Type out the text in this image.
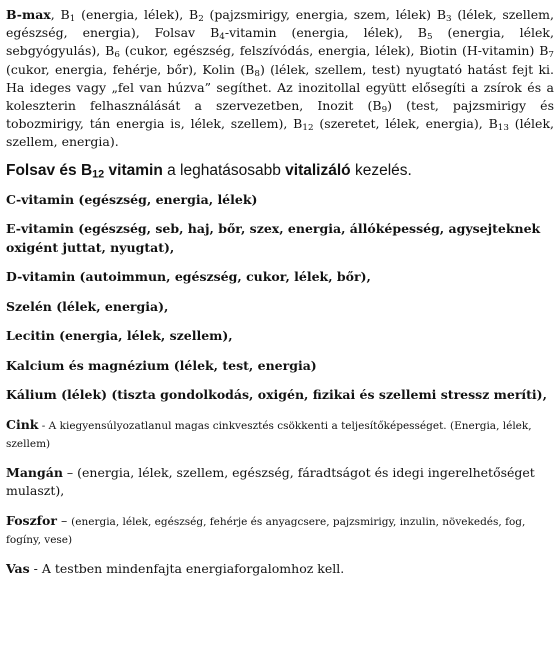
B-max, $B_1$ (energia, lélek), $B_2$ (pajzsmirigy, energia, szem, lélek) $B_3$ (lélek, szellem, egészség, energia), Folsav $B_4$-vitamin (energia, lélek), $B_5$ (energia, lélek, sebgyógyulás), $B_6$ (cukor, egészség, felszívódás, energia, lélek), Biotin (H-vitamin) $B_7$ (cukor, energia, fehérje, bőr), Kolin $(B_8)$ (lélek, szellem, test) nyugtató hatást fejt ki. Ha ideges vagy „fel van húzva” segíthet. Az inozitollal együtt elősegíti a zsírok és a koleszterin felhasználását a szervezetben, Inozit $(B_9)$ (test, pajzsmirigy és tobozmirigy, tán energia is, lélek, szellem), $B_{12}$ (szeretet, lélek, energia), $B_{13}$ (lélek, szellem, energia).

Folsav és $B_{12}$ vitamin a leghatásosabb vitalizáló kezelés.

C-vitamin (egészség, energia, lélek)

E-vitamin (egészség, seb, haj, bőr, szex, energia, állóképesség, agysejteknek oxigént juttat, nyugtat),

D-vitamin (autoimmun, egészség, cukor, lélek, bőr),

Szelén (lélek, energia),

Lecitin (energia, lélek, szellem),

Kalcium és magnézium (lélek, test, energia)

Kálium (lélek) (tiszta gondolkodás, oxigén, fizikai és szellemi stressz meríti),

Cink - A kiegyensúlyozatlanul magas cinkvesztés csökkenti a teljesítőképességet. (Energia, lélek, szellem)

Mangán – (energia, lélek, szellem, egészség, fáradtságot és idegi ingerelhetőséget mulaszt),

Foszfor – (energia, lélek, egészség, fehérje és anyagcsere, pajzsmirigy, inzulin, növekedés, fog, fogíny, vese)

Vas - A testben mindenfajta energiaforgalomhoz kell.
